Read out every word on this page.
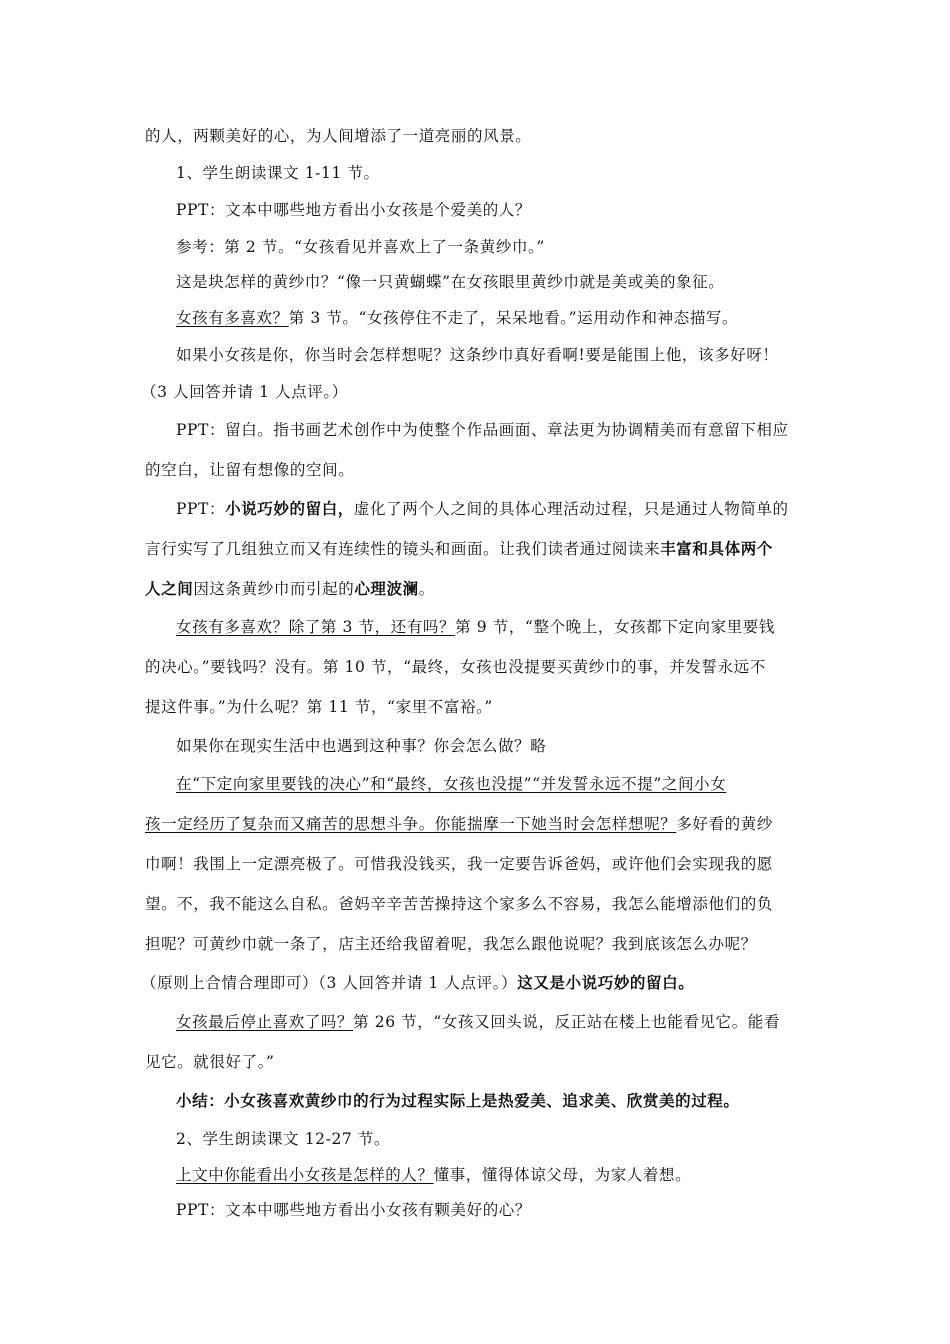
的人，两颗美好的心，为人间增添了一道亮丽的风景。
1、学生朗读课文 1-11 节。
PPT：文本中哪些地方看出小女孩是个爱美的人？
参考：第 2 节。“女孩看见并喜欢上了一条黄纱巾。”
这是块怎样的黄纱巾？“像一只黄蝴蝶”在女孩眼里黄纱巾就是美或美的象征。
女孩有多喜欢？第 3 节。“女孩停住不走了，呆呆地看。”运用动作和神态描写。
如果小女孩是你，你当时会怎样想呢？这条纱巾真好看啊!要是能围上他，该多好呀！
（3 人回答并请 1 人点评。）
PPT：留白。指书画艺术创作中为使整个作品画面、章法更为协调精美而有意留下相应
的空白，让留有想像的空间。
PPT：小说巧妙的留白，虚化了两个人之间的具体心理活动过程，只是通过人物简单的
言行实写了几组独立而又有连续性的镜头和画面。让我们读者通过阅读来丰富和具体两个
人之间因这条黄纱巾而引起的心理波澜。
女孩有多喜欢？除了第 3 节，还有吗？第 9 节，“整个晚上，女孩都下定向家里要钱
的决心。”要钱吗？没有。第 10 节，“最终，女孩也没提要买黄纱巾的事，并发誓永远不
提这件事。”为什么呢？第 11 节，“家里不富裕。”
如果你在现实生活中也遇到这种事？你会怎么做？略
在“下定向家里要钱的决心”和“最终，女孩也没提”“并发誓永远不提”之间小女
孩一定经历了复杂而又痛苦的思想斗争。你能揣摩一下她当时会怎样想呢？多好看的黄纱
巾啊！我围上一定漂亮极了。可惜我没钱买，我一定要告诉爸妈，或许他们会实现我的愿
望。不，我不能这么自私。爸妈辛辛苦苦操持这个家多么不容易，我怎么能增添他们的负
担呢？可黄纱巾就一条了，店主还给我留着呢，我怎么跟他说呢？我到底该怎么办呢？
（原则上合情合理即可）（3 人回答并请 1 人点评。）这又是小说巧妙的留白。
女孩最后停止喜欢了吗？第 26 节，“女孩又回头说，反正站在楼上也能看见它。能看
见它。就很好了。”
小结：小女孩喜欢黄纱巾的行为过程实际上是热爱美、追求美、欣赏美的过程。
2、学生朗读课文 12-27 节。
上文中你能看出小女孩是怎样的人？懂事，懂得体谅父母，为家人着想。
PPT：文本中哪些地方看出小女孩有颗美好的心？
